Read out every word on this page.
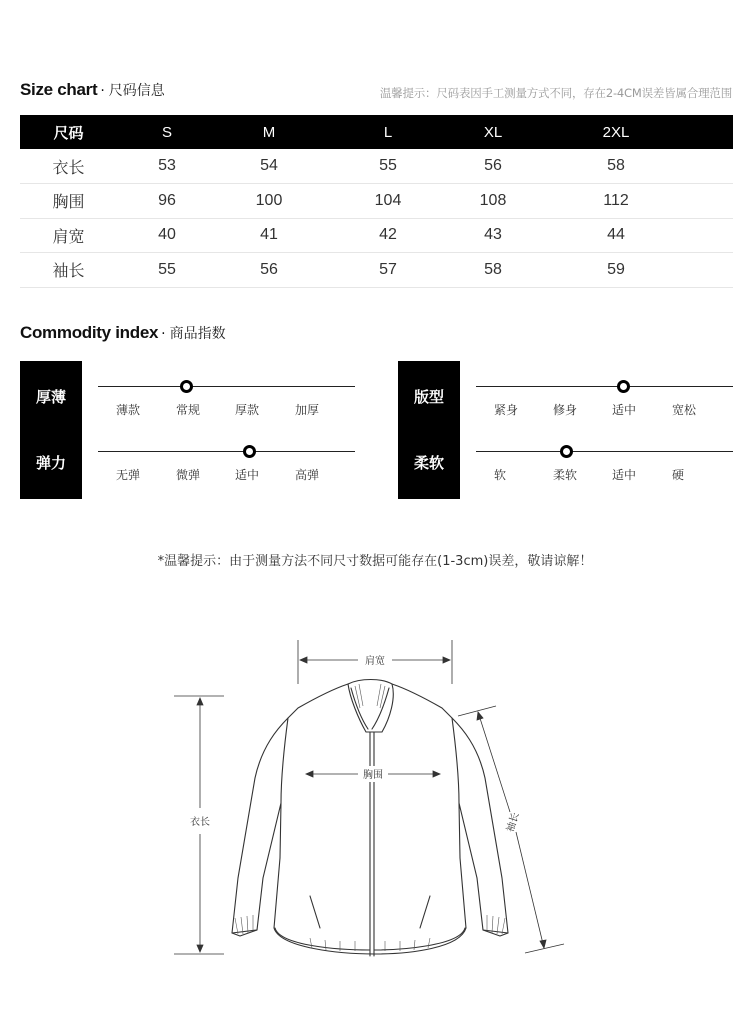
Size chart · 尺码信息	温馨提示：尺码表因手工测量方式不同，存在2-4CM误差皆属合理范围
尺码	S	M	L	XL	2XL	
衣长	53	54	55	56	58	
胸围	96	100	104	108	112	
肩宽	40	41	42	43	44	
袖长	55	56	57	58	59	
Commodity index · 商品指数
厚薄
弹力
薄款	常规	厚款	加厚
无弹	微弹	适中	高弹
版型
柔软
紧身	修身	适中	宽松
软	柔软	适中	硬
*温馨提示：由于测量方法不同尺寸数据可能存在(1-3cm)误差，敬请谅解！
肩宽
胸围
衣长	袖长
